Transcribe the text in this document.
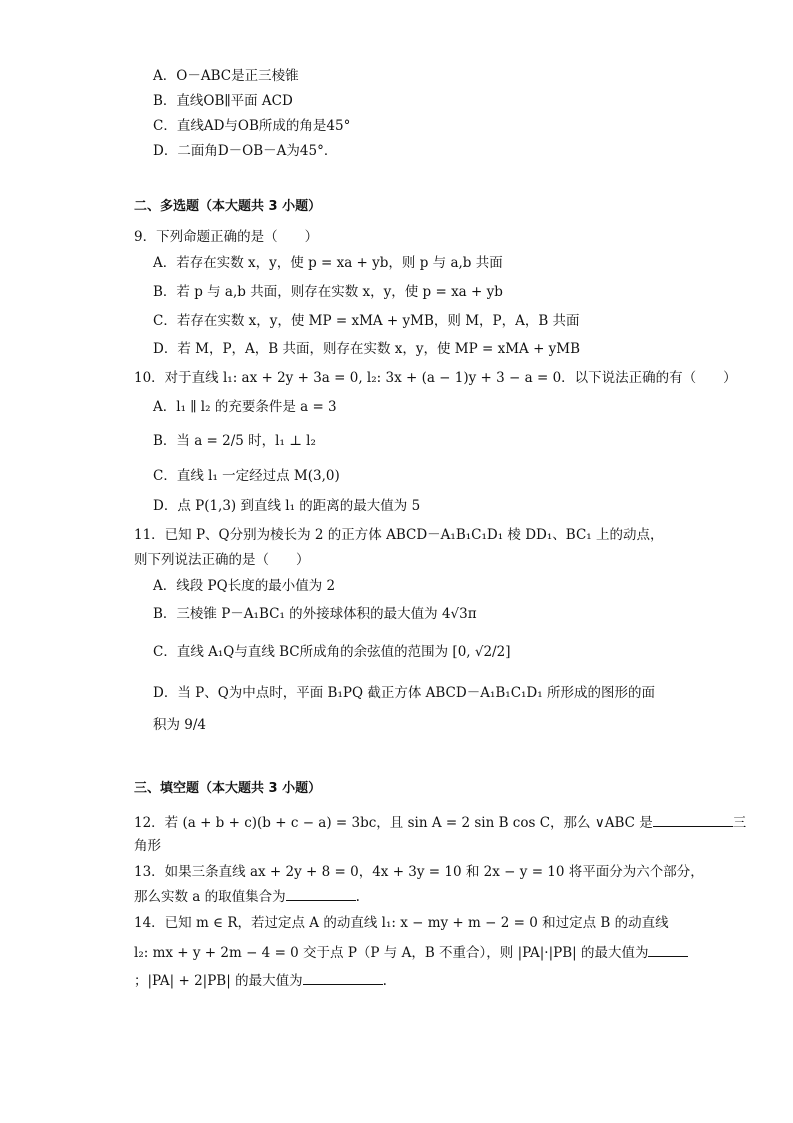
A．O－ABC是正三棱锥
B．直线OB∥平面 ACD
C．直线AD与OB所成的角是45°
D．二面角D－OB－A为45°．
二、多选题（本大题共 3 小题）
9．下列命题正确的是（　　）
A．若存在实数 x，y，使 p = xa + yb，则 p 与 a,b 共面
B．若 p 与 a,b 共面，则存在实数 x，y，使 p = xa + yb
C．若存在实数 x，y，使 MP = xMA + yMB，则 M，P，A，B 共面
D．若 M，P，A，B 共面，则存在实数 x，y，使 MP = xMA + yMB
10．对于直线 l₁: ax + 2y + 3a = 0, l₂: 3x + (a − 1)y + 3 − a = 0．以下说法正确的有（　　）
A．l₁ ∥ l₂ 的充要条件是 a = 3
B．当 a = 2/5 时，l₁ ⊥ l₂
C．直线 l₁ 一定经过点 M(3,0)
D．点 P(1,3) 到直线 l₁ 的距离的最大值为 5
11．已知 P、Q分别为棱长为 2 的正方体 ABCD－A₁B₁C₁D₁ 棱 DD₁、BC₁ 上的动点，
则下列说法正确的是（　　）
A．线段 PQ长度的最小值为 2
B．三棱锥 P－A₁BC₁ 的外接球体积的最大值为 4√3π
C．直线 A₁Q与直线 BC所成角的余弦值的范围为 [0, √2/2]
D．当 P、Q为中点时，平面 B₁PQ 截正方体 ABCD－A₁B₁C₁D₁ 所形成的图形的面
积为 9/4
三、填空题（本大题共 3 小题）
12．若 (a + b + c)(b + c − a) = 3bc，且 sin A = 2 sin B cos C，那么 ∨ABC 是	三
角形
13．如果三条直线 ax + 2y + 8 = 0，4x + 3y = 10 和 2x − y = 10 将平面分为六个部分，
那么实数 a 的取值集合为	.
14．已知 m ∈ R，若过定点 A 的动直线 l₁: x − my + m − 2 = 0 和过定点 B 的动直线
l₂: mx + y + 2m − 4 = 0 交于点 P（P 与 A，B 不重合），则 |PA|·|PB| 的最大值为
；|PA| + 2|PB| 的最大值为	.
